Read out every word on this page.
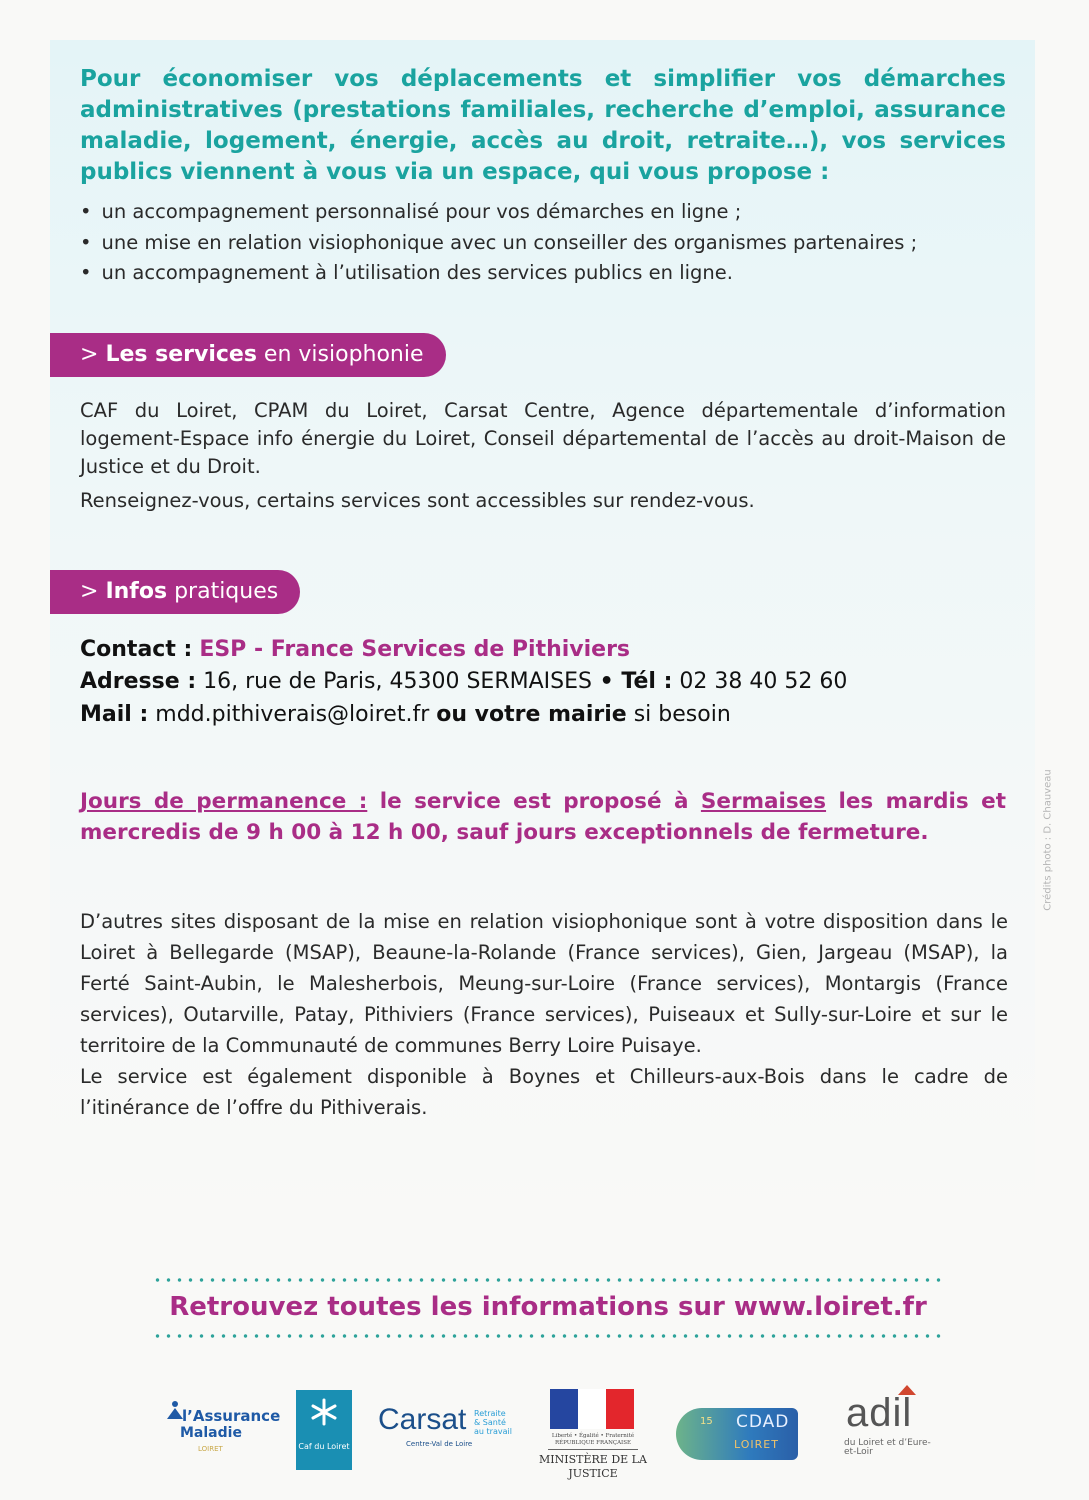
Pour économiser vos déplacements et simplifier vos démarches administratives (prestations familiales, recherche d’emploi, assurance maladie, logement, énergie, accès au droit, retraite…), vos services publics viennent à vous via un espace, qui vous propose :

• un accompagnement personnalisé pour vos démarches en ligne ;
• une mise en relation visiophonique avec un conseiller des organismes partenaires ;
• un accompagnement à l’utilisation des services publics en ligne.
> Les services en visiophonie

CAF du Loiret, CPAM du Loiret, Carsat Centre, Agence départementale d’information logement-Espace info énergie du Loiret, Conseil départemental de l’accès au droit-Maison de Justice et du Droit.

Renseignez-vous, certains services sont accessibles sur rendez-vous.

> Infos pratiques
Contact : ESP - France Services de Pithiviers
Adresse : 16, rue de Paris, 45300 SERMAISES • Tél : 02 38 40 52 60
Mail : mdd.pithiverais@loiret.fr ou votre mairie si besoin

Jours de permanence : le service est proposé à Sermaises les mardis et mercredis de 9 h 00 à 12 h 00, sauf jours exceptionnels de fermeture.

D’autres sites disposant de la mise en relation visiophonique sont à votre disposition dans le Loiret à Bellegarde (MSAP), Beaune-la-Rolande (France services), Gien, Jargeau (MSAP), la Ferté Saint-Aubin, le Malesherbois, Meung-sur-Loire (France services), Montargis (France services), Outarville, Patay, Pithiviers (France services), Puiseaux et Sully-sur-Loire et sur le territoire de la Communauté de communes Berry Loire Puisaye.
Le service est également disponible à Boynes et Chilleurs-aux-Bois dans le cadre de l’itinérance de l’offre du Pithiverais.

Crédits photo : D. Chauveau
Retrouvez toutes les informations sur www.loiret.fr
l’Assurance
Maladie
LOIRET	Caf du Loiret
Carsat Retraite & Santé au travail
Centre-Val de Loire
Liberté • Égalité • Fraternité
RÉPUBLIQUE FRANÇAISE
MINISTÈRE DE LA JUSTICE
15 CDAD
LOIRET
adil
du Loiret et d’Eure-et-Loir
